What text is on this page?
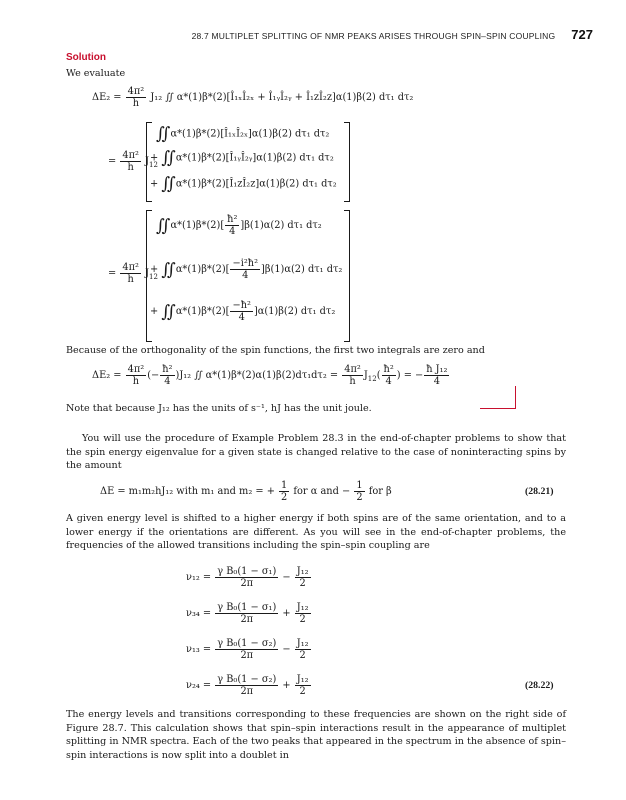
28.7 MULTIPLET SPLITTING OF NMR PEAKS ARISES THROUGH SPIN–SPIN COUPLING 727
Solution
We evaluate
$\Delta E_2 = \frac{\text{4π²}}{h} J_{12}$ ∬ α*(1)β*(2)[Î₁ₓÎ₂ₓ + Î₁ᵧÎ₂ᵧ + Î₁zÎ₂z]α(1)β(2) dτ₁ dτ₂
= $\frac{\text{4π²}}{h} J_{12}$
∬ α*(1)β*(2)[Î₁ₓÎ₂ₓ]α(1)β(2) dτ₁ dτ₂
+ ∬ α*(1)β*(2)[Î₁ᵧÎ₂ᵧ]α(1)β(2) dτ₁ dτ₂
+ ∬ α*(1)β*(2)[Î₁zÎ₂z]α(1)β(2) dτ₁ dτ₂
= $\frac{\text{4π²}}{h} J_{12}$
∬ $\alpha*(1)\beta*(2)[ \frac{\text{ħ²}}{4} ]\beta(1)\alpha(2)$ dτ₁ dτ₂
+ ∬ $\alpha*(1)\beta*(2)[ \frac{\text{−i²ħ²}}{4} ]\beta(1)\alpha(2)$ dτ₁ dτ₂
+ ∬ $\alpha*(1)\beta*(2)[ \frac{\text{−ħ²}}{4} ]\alpha(1)\beta(2)$ dτ₁ dτ₂
Because of the orthogonality of the spin functions, the first two integrals are zero and
$\Delta E_2 = \frac{\text{4π²}}{h}$ (− $\frac{\text{ħ²}}{4} )J_{12}$ ∬ $\alpha*(1)\beta*(2)\alpha(1)\beta(2)d\tau_1d\tau_2 = \frac{\text{4π²}}{h} J_{12}( \frac{\text{ħ²}}{4}$ ) = − $\frac{\text{ħ J₁₂}}{4}$
Note that because J₁₂ has the units of s⁻¹, hJ has the unit joule.
You will use the procedure of Example Problem 28.3 in the end-of-chapter problems to show that the spin energy eigenvalue for a given state is changed relative to the case of noninteracting spins by the amount
ΔE = m₁m₂hJ₁₂ with m₁ and m₂ = + $\frac{1}{2}$ for α and − $\frac{1}{2}$ for β	(28.21)
A given energy level is shifted to a higher energy if both spins are of the same orientation, and to a lower energy if the orientations are different. As you will see in the end-of-chapter problems, the frequencies of the allowed transitions including the spin–spin coupling are
$\nu_{12} = \frac{\text{γ B₀(1 − σ₁)}}{2\pi} - \frac{\text{J₁₂}}{2}$
$\nu_{34} = \frac{\text{γ B₀(1 − σ₁)}}{2\pi} + \frac{\text{J₁₂}}{2}$
$\nu_{13} = \frac{\text{γ B₀(1 − σ₂)}}{2\pi} - \frac{\text{J₁₂}}{2}$
$\nu_{24} = \frac{\text{γ B₀(1 − σ₂)}}{2\pi} + \frac{\text{J₁₂}}{2}$	(28.22)
The energy levels and transitions corresponding to these frequencies are shown on the right side of Figure 28.7. This calculation shows that spin–spin interactions result in the appearance of multiplet splitting in NMR spectra. Each of the two peaks that appeared in the spectrum in the absence of spin–spin interactions is now split into a doublet in
